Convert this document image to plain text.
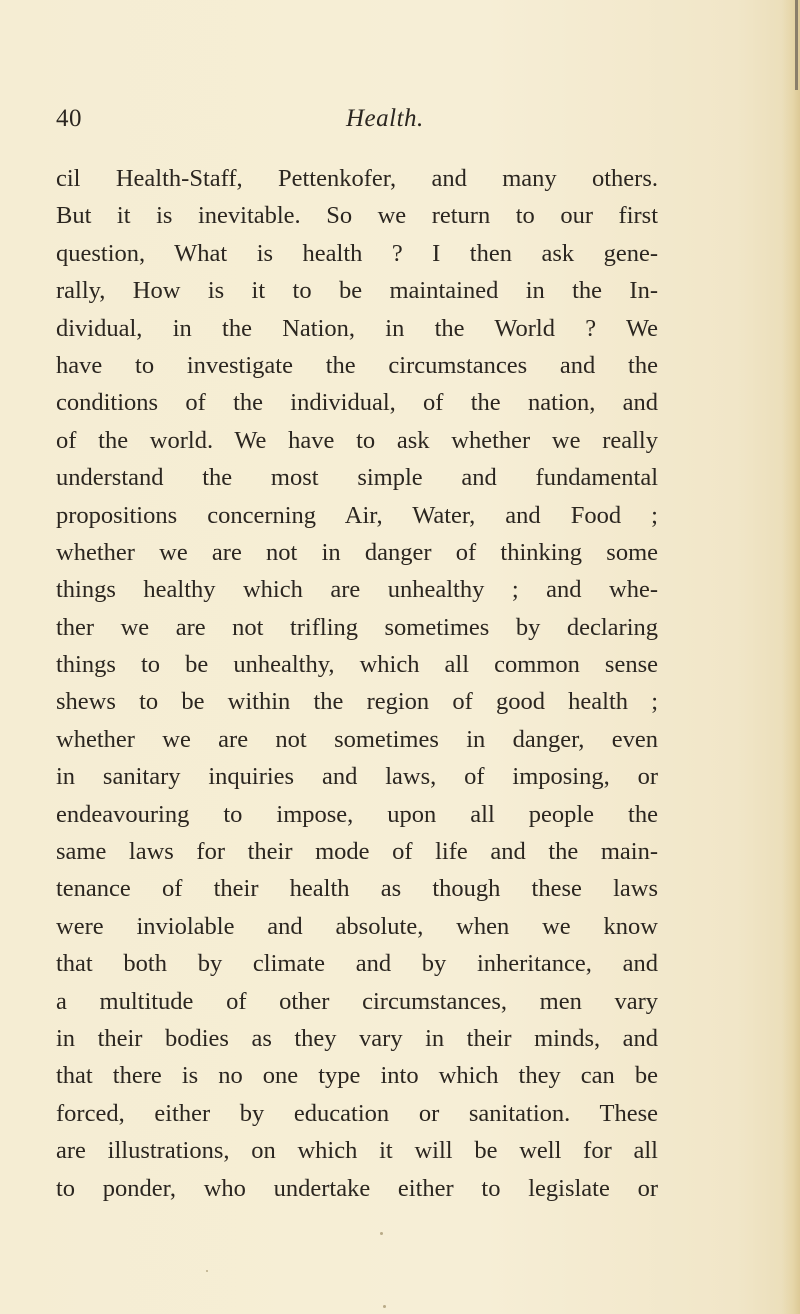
40	Health.
cil Health-Staff, Pettenkofer, and many others.
But it is inevitable. So we return to our first
question, What is health ? I then ask gene-
rally, How is it to be maintained in the In-
dividual, in the Nation, in the World ? We
have to investigate the circumstances and the
conditions of the individual, of the nation, and
of the world. We have to ask whether we really
understand the most simple and fundamental
propositions concerning Air, Water, and Food ;
whether we are not in danger of thinking some
things healthy which are unhealthy ; and whe-
ther we are not trifling sometimes by declaring
things to be unhealthy, which all common sense
shews to be within the region of good health ;
whether we are not sometimes in danger, even
in sanitary inquiries and laws, of imposing, or
endeavouring to impose, upon all people the
same laws for their mode of life and the main-
tenance of their health as though these laws
were inviolable and absolute, when we know
that both by climate and by inheritance, and
a multitude of other circumstances, men vary
in their bodies as they vary in their minds, and
that there is no one type into which they can be
forced, either by education or sanitation. These
are illustrations, on which it will be well for all
to ponder, who undertake either to legislate or
